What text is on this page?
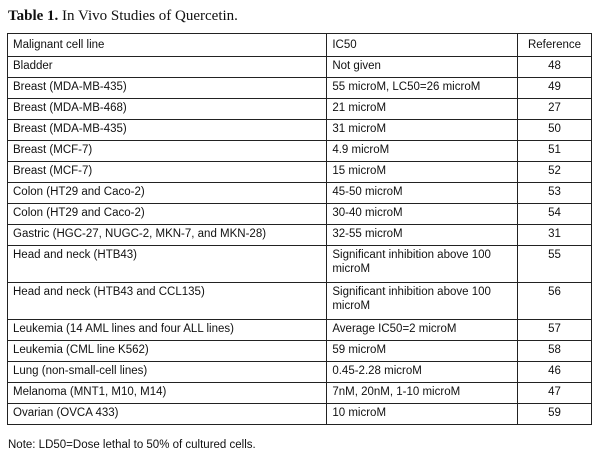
Table 1. In Vivo Studies of Quercetin.
Malignant cell line	IC50	Reference
Bladder	Not given	48
Breast (MDA-MB-435)	55 microM, LC50=26 microM	49
Breast (MDA-MB-468)	21 microM	27
Breast (MDA-MB-435)	31 microM	50
Breast (MCF-7)	4.9 microM	51
Breast (MCF-7)	15 microM	52
Colon (HT29 and Caco-2)	45-50 microM	53
Colon (HT29 and Caco-2)	30-40 microM	54
Gastric (HGC-27, NUGC-2, MKN-7, and MKN-28)	32-55 microM	31
Head and neck (HTB43)	Significant inhibition above 100 microM	55
Head and neck (HTB43 and CCL135)	Significant inhibition above 100 microM	56
Leukemia (14 AML lines and four ALL lines)	Average IC50=2 microM	57
Leukemia (CML line K562)	59 microM	58
Lung (non-small-cell lines)	0.45-2.28 microM	46
Melanoma (MNT1, M10, M14)	7nM, 20nM, 1-10 microM	47
Ovarian (OVCA 433)	10 microM	59
Note: LD50=Dose lethal to 50% of cultured cells.
